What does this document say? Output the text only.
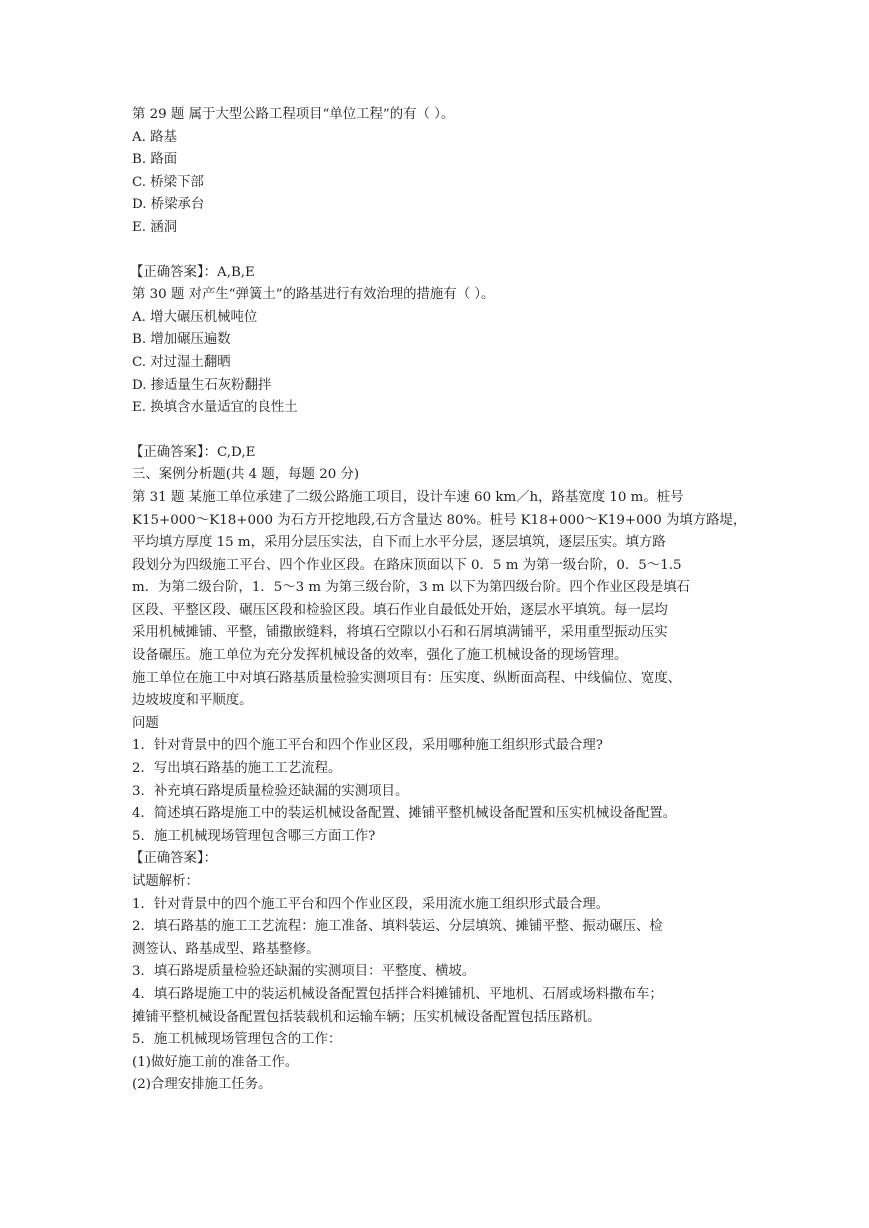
第 29 题 属于大型公路工程项目“单位工程”的有（ ）。
A. 路基
B. 路面
C. 桥梁下部
D. 桥梁承台
E. 涵洞
【正确答案】：A,B,E
第 30 题 对产生“弹簧土”的路基进行有效治理的措施有（ ）。
A. 增大碾压机械吨位
B. 增加碾压遍数
C. 对过湿土翻晒
D. 掺适量生石灰粉翻拌
E. 换填含水量适宜的良性土
【正确答案】：C,D,E
三、案例分析题(共 4 题，每题 20 分)
第 31 题 某施工单位承建了二级公路施工项目，设计车速 60 km／h，路基宽度 10 m。桩号
K15+000～K18+000 为石方开挖地段,石方含量达 80%。桩号 K18+000～K19+000 为填方路堤，
平均填方厚度 15 m，采用分层压实法，自下而上水平分层，逐层填筑，逐层压实。填方路
段划分为四级施工平台、四个作业区段。在路床顶面以下 0．5 m 为第一级台阶，0．5～1.5
m．为第二级台阶，1．5～3 m 为第三级台阶，3 m 以下为第四级台阶。四个作业区段是填石
区段、平整区段、碾压区段和检验区段。填石作业自最低处开始，逐层水平填筑。每一层均
采用机械摊铺、平整，铺撒嵌缝料，将填石空隙以小石和石屑填满铺平，采用重型振动压实
设备碾压。施工单位为充分发挥机械设备的效率，强化了施工机械设备的现场管理。
施工单位在施工中对填石路基质量检验实测项目有：压实度、纵断面高程、中线偏位、宽度、
边坡坡度和平顺度。
问题
1．针对背景中的四个施工平台和四个作业区段，采用哪种施工组织形式最合理?
2．写出填石路基的施工工艺流程。
3．补充填石路堤质量检验还缺漏的实测项目。
4．简述填石路堤施工中的装运机械设备配置、摊铺平整机械设备配置和压实机械设备配置。
5．施工机械现场管理包含哪三方面工作?
【正确答案】：
试题解析：
1．针对背景中的四个施工平台和四个作业区段，采用流水施工组织形式最合理。
2．填石路基的施工工艺流程：施工准备、填料装运、分层填筑、摊铺平整、振动碾压、检
测签认、路基成型、路基整修。
3．填石路堤质量检验还缺漏的实测项目：平整度、横坡。
4．填石路堤施工中的装运机械设备配置包括拌合料摊铺机、平地机、石屑或场料撒布车；
摊铺平整机械设备配置包括装载机和运输车辆；压实机械设备配置包括压路机。
5．施工机械现场管理包含的工作：
(1)做好施工前的准备工作。
(2)合理安排施工任务。
